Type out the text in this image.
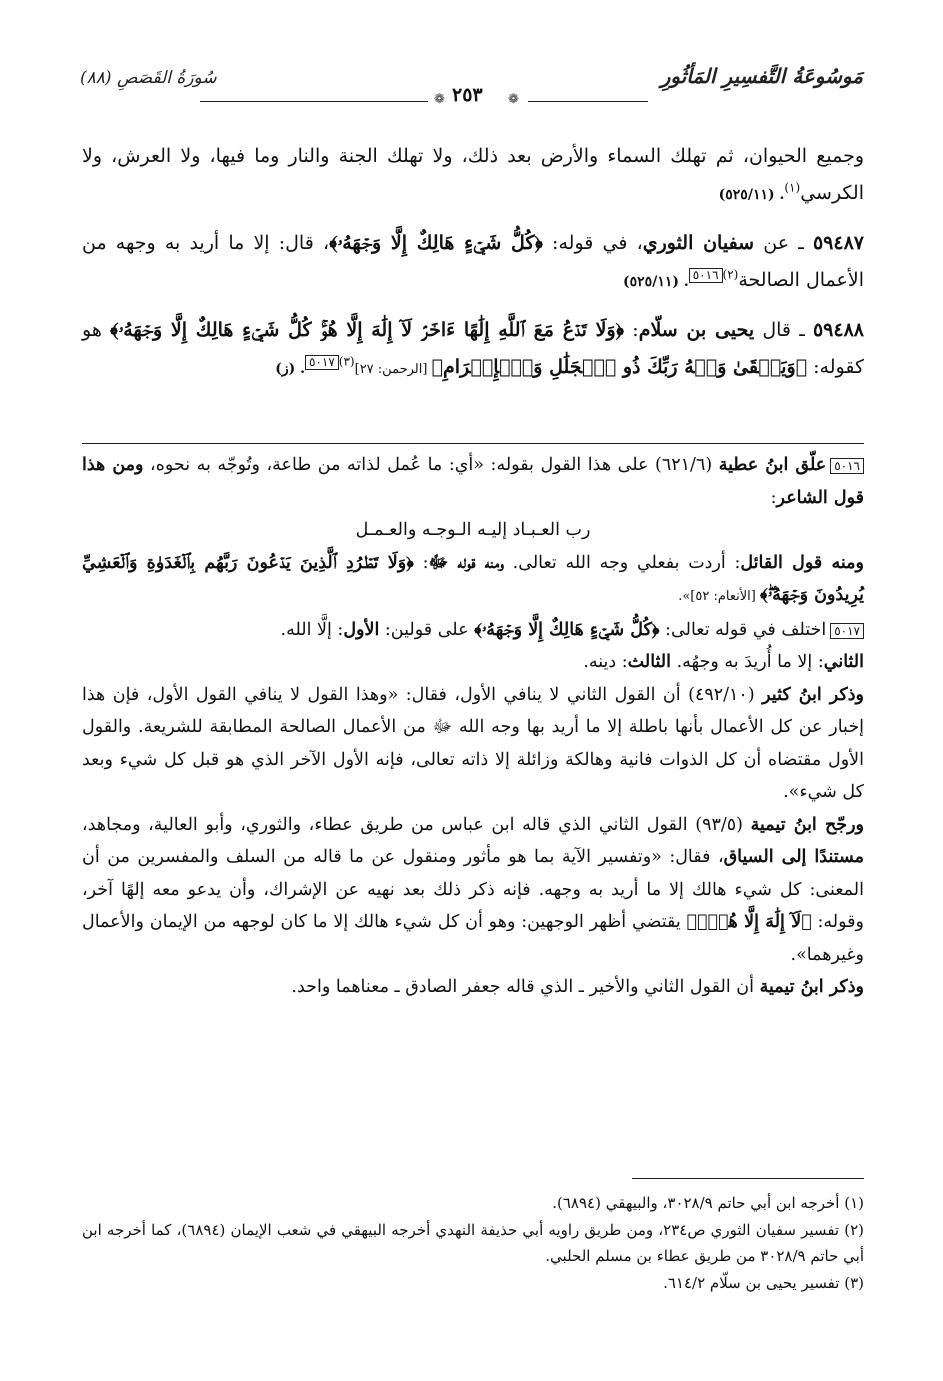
مَوسُوعَةُ التَّفسِيرِ المَأثُورِ
❁
٢٥٣
❁
سُورَةُ القَصَصِ (٨٨)

وجميع الحيوان، ثم تهلك السماء والأرض بعد ذلك، ولا تهلك الجنة والنار وما فيها، ولا العرش، ولا الكرسي$^{(١)}$. (٥٢٥/١١)

٥٩٤٨٧ ـ عن سفيان الثوري، في قوله: ﴿كُلُّ شَيۡءٍ هَالِكٌ إِلَّا وَجۡهَهُۥ﴾، قال: إلا ما أريد به وجهه من الأعمال الصالحة$^{(٢)}$٥٠١٦. (٥٢٥/١١)

٥٩٤٨٨ ـ قال يحيى بن سلّام: ﴿وَلَا تَدۡعُ مَعَ ٱللَّهِ إِلَٰهًا ءَاخَرَۘ لَآ إِلَٰهَ إِلَّا هُوَۚ كُلُّ شَيۡءٍ هَالِكٌ إِلَّا وَجۡهَهُۥ﴾ هو كقوله: ﴿وَيَبۡقَىٰ وَجۡهُ رَبِّكَ ذُو ٱلۡجَلَٰلِ وَٱلۡإِكۡرَامِ﴾ [الرحمن: ٢٧]$^{(٣)}$٥٠١٧. (ز)

٥٠١٦علّق ابنُ عطية (٦٢١/٦) على هذا القول بقوله: «أي: ما عُمل لذاته من طاعة، وتُوجّه به نحوه، ومن هذا قول الشاعر:

رب العـبـاد إليـه الـوجـه والعـمـل

ومنه قول القائل: أردت بفعلي وجه الله تعالى. ومنه قوله ﷻ: ﴿وَلَا تَطۡرُدِ ٱلَّذِينَ يَدۡعُونَ رَبَّهُم بِٱلۡغَدَوٰةِ وَٱلۡعَشِيِّ يُرِيدُونَ وَجۡهَهُۥۖ﴾ [الأنعام: ٥٢]».

٥٠١٧اختلف في قوله تعالى: ﴿كُلُّ شَيۡءٍ هَالِكٌ إِلَّا وَجۡهَهُۥ﴾ على قولين: الأول: إلَّا الله.

الثاني: إلا ما أُريدَ به وجهُه. الثالث: دينه.

وذكر ابنُ كثير (٤٩٢/١٠) أن القول الثاني لا ينافي الأول، فقال: «وهذا القول لا ينافي القول الأول، فإن هذا إخبار عن كل الأعمال بأنها باطلة إلا ما أريد بها وجه الله ﷻ من الأعمال الصالحة المطابقة للشريعة. والقول الأول مقتضاه أن كل الذوات فانية وهالكة وزائلة إلا ذاته تعالى، فإنه الأول الآخر الذي هو قبل كل شيء وبعد كل شيء».

ورجّح ابنُ تيمية (٩٣/٥) القول الثاني الذي قاله ابن عباس من طريق عطاء، والثوري، وأبو العالية، ومجاهد، مستندًا إلى السياق، فقال: «وتفسير الآية بما هو مأثور ومنقول عن ما قاله من السلف والمفسرين من أن المعنى: كل شيء هالك إلا ما أريد به وجهه. فإنه ذكر ذلك بعد نهيه عن الإشراك، وأن يدعو معه إلهًا آخر، وقوله: ﴿لَآ إِلَٰهَ إِلَّا هُوَۚ﴾ يقتضي أظهر الوجهين: وهو أن كل شيء هالك إلا ما كان لوجهه من الإيمان والأعمال وغيرهما».

وذكر ابنُ تيمية أن القول الثاني والأخير ـ الذي قاله جعفر الصادق ـ معناهما واحد.

(١) أخرجه ابن أبي حاتم ٣٠٢٨/٩، والبيهقي (٦٨٩٤).

(٢) تفسير سفيان الثوري ص٢٣٤، ومن طريق راويه أبي حذيفة النهدي أخرجه البيهقي في شعب الإيمان (٦٨٩٤)، كما أخرجه ابن أبي حاتم ٣٠٢٨/٩ من طريق عطاء بن مسلم الحلبي.

(٣) تفسير يحيى بن سلّام ٦١٤/٢.
